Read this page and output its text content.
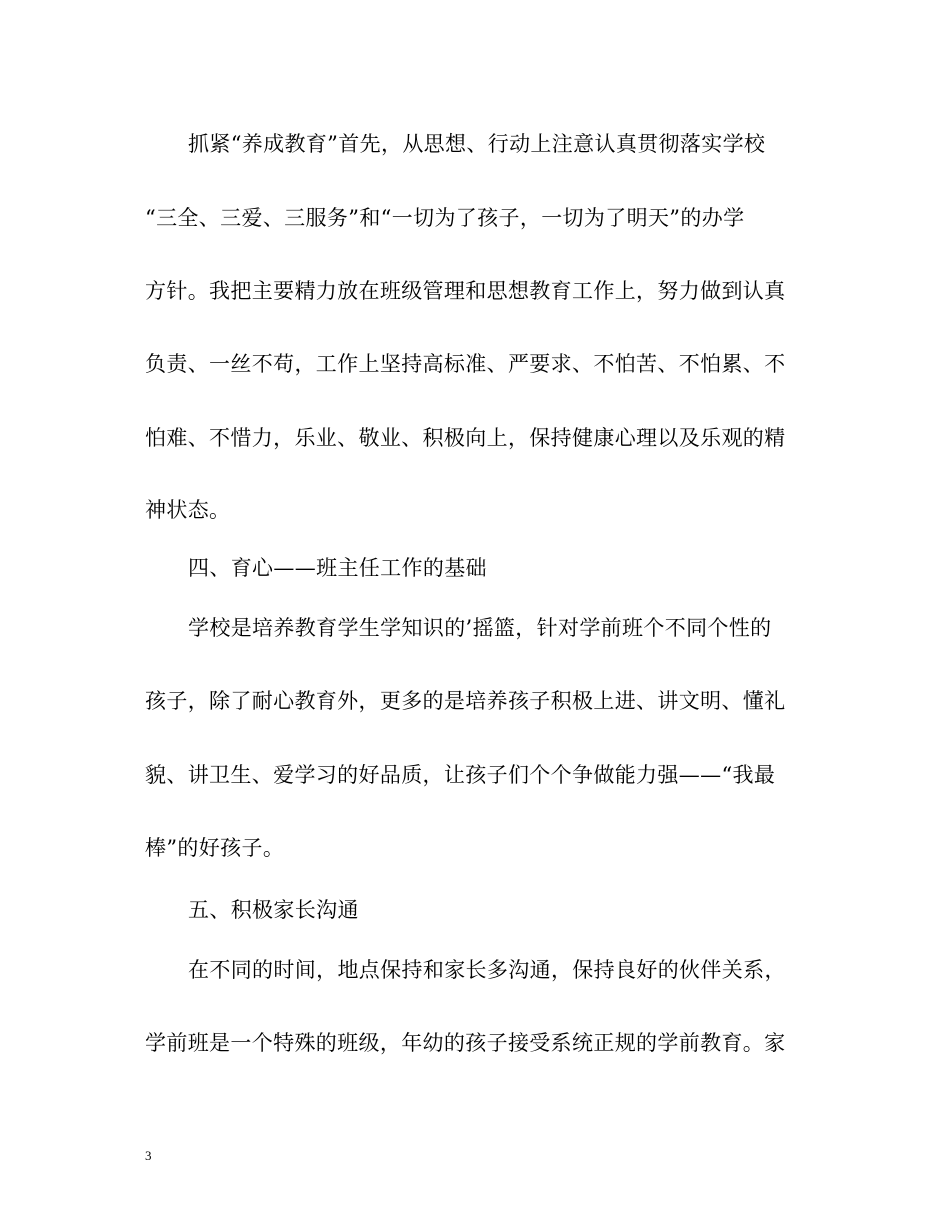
抓紧“养成教育”首先，从思想、行动上注意认真贯彻落实学校
“三全、三爱、三服务”和“一切为了孩子，一切为了明天”的办学
方针。我把主要精力放在班级管理和思想教育工作上，努力做到认真
负责、一丝不苟，工作上坚持高标准、严要求、不怕苦、不怕累、不
怕难、不惜力，乐业、敬业、积极向上，保持健康心理以及乐观的精
神状态。
四、育心——班主任工作的基础
学校是培养教育学生学知识的’摇篮，针对学前班个不同个性的
孩子，除了耐心教育外，更多的是培养孩子积极上进、讲文明、懂礼
貌、讲卫生、爱学习的好品质，让孩子们个个争做能力强——“我最
棒”的好孩子。
五、积极家长沟通
在不同的时间，地点保持和家长多沟通，保持良好的伙伴关系，
学前班是一个特殊的班级，年幼的孩子接受系统正规的学前教育。家
3
